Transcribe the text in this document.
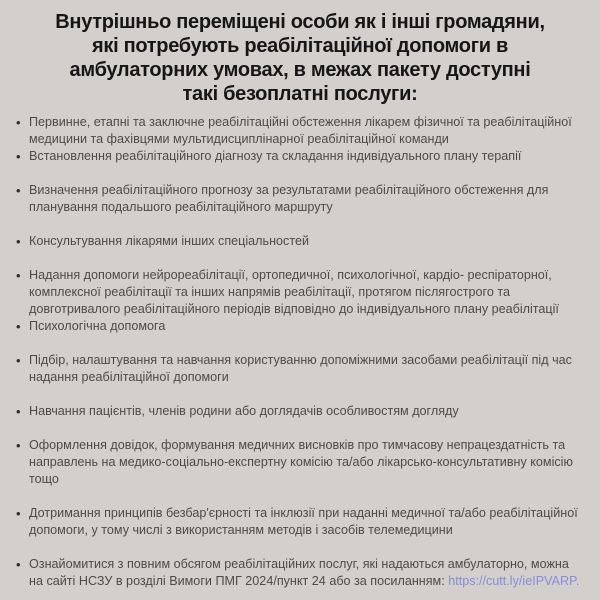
Внутрішньо переміщені особи як і інші громадяни,
які потребують реабілітаційної допомоги в
амбулаторних умовах, в межах пакету доступні
такі безоплатні послуги:
• Первинне, етапні та заключне реабілітаційні обстеження лікарем фізичної та реабілітаційної медицини та фахівцями мультидисциплінарної реабілітаційної команди
• Встановлення реабілітаційного діагнозу та складання індивідуального плану терапії
• Визначення реабілітаційного прогнозу за результатами реабілітаційного обстеження для планування подальшого реабілітаційного маршруту
• Консультування лікарями інших спеціальностей
• Надання допомоги нейрореабілітації, ортопедичної, психологічної, кардіо- респіраторної, комплексної реабілітації та інших напрямів реабілітації, протягом післягострого та довготривалого реабілітаційного періодів відповідно до індивідуального плану реабілітації
• Психологічна допомога
• Підбір, налаштування та навчання користуванню допоміжними засобами реабілітації під час надання реабілітаційної допомоги
• Навчання пацієнтів, членів родини або доглядачів особливостям догляду
• Оформлення довідок, формування медичних висновків про тимчасову непрацездатність та направлень на медико-соціально-експертну комісію та/або лікарсько-консультативну комісію тощо
• Дотримання принципів безбар'єрності та інклюзії при наданні медичної та/або реабілітаційної допомоги, у тому числі з використанням методів і засобів телемедицини
• Ознайомитися з повним обсягом реабілітаційних послуг, які надаються амбулаторно, можна на сайті НСЗУ в розділі Вимоги ПМГ 2024/пункт 24 або за посиланням: https://cutt.ly/ieIPVARP.
